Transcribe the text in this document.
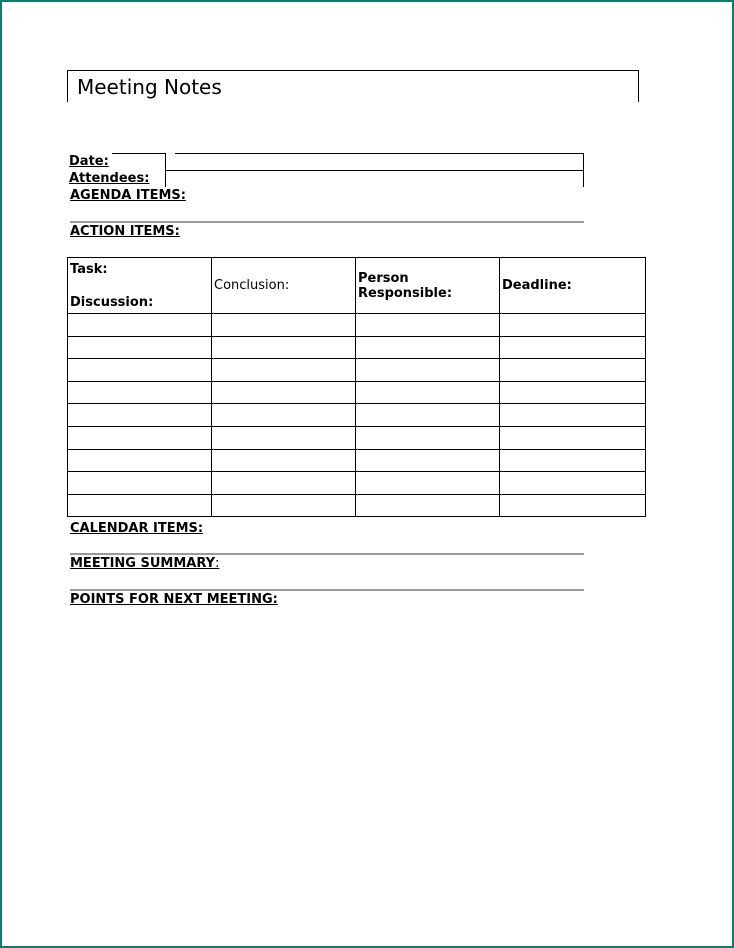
Meeting Notes
Date:
Attendees:
AGENDA ITEMS:
ACTION ITEMS:
Task:
Discussion:	Conclusion:	Person Responsible:	Deadline:

CALENDAR ITEMS:
MEETING SUMMARY:
POINTS FOR NEXT MEETING:
